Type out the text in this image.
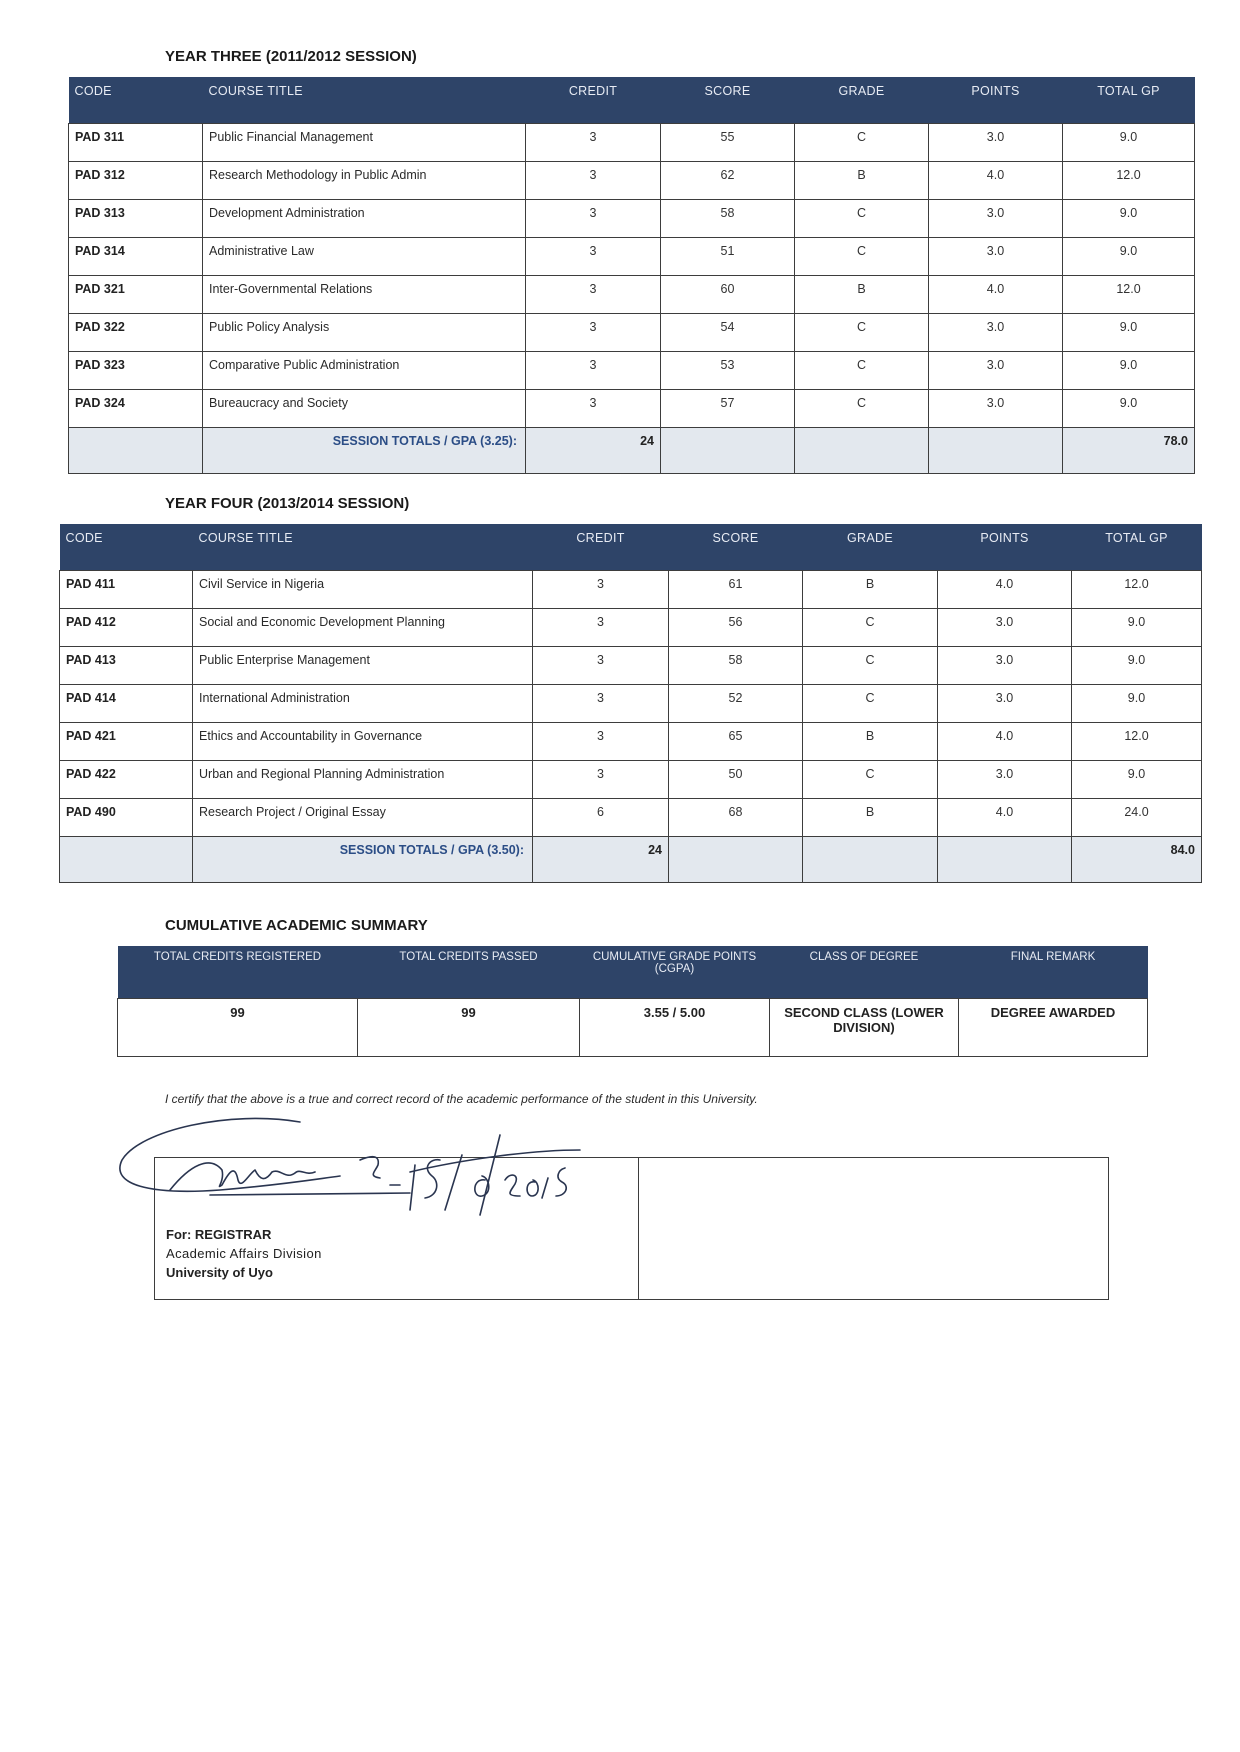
YEAR THREE (2011/2012 SESSION)
CODE	COURSE TITLE	CREDIT	SCORE	GRADE	POINTS	TOTAL GP
PAD 311	Public Financial Management	3	55	C	3.0	9.0
PAD 312	Research Methodology in Public Admin	3	62	B	4.0	12.0
PAD 313	Development Administration	3	58	C	3.0	9.0
PAD 314	Administrative Law	3	51	C	3.0	9.0
PAD 321	Inter-Governmental Relations	3	60	B	4.0	12.0
PAD 322	Public Policy Analysis	3	54	C	3.0	9.0
PAD 323	Comparative Public Administration	3	53	C	3.0	9.0
PAD 324	Bureaucracy and Society	3	57	C	3.0	9.0
	SESSION TOTALS / GPA (3.25):	24				78.0
YEAR FOUR (2013/2014 SESSION)
CODE	COURSE TITLE	CREDIT	SCORE	GRADE	POINTS	TOTAL GP
PAD 411	Civil Service in Nigeria	3	61	B	4.0	12.0
PAD 412	Social and Economic Development Planning	3	56	C	3.0	9.0
PAD 413	Public Enterprise Management	3	58	C	3.0	9.0
PAD 414	International Administration	3	52	C	3.0	9.0
PAD 421	Ethics and Accountability in Governance	3	65	B	4.0	12.0
PAD 422	Urban and Regional Planning Administration	3	50	C	3.0	9.0
PAD 490	Research Project / Original Essay	6	68	B	4.0	24.0
	SESSION TOTALS / GPA (3.50):	24				84.0
CUMULATIVE ACADEMIC SUMMARY
TOTAL CREDITS REGISTERED	TOTAL CREDITS PASSED	CUMULATIVE GRADE POINTS (CGPA)	CLASS OF DEGREE	FINAL REMARK
99	99	3.55 / 5.00	SECOND CLASS (LOWER DIVISION)	DEGREE AWARDED
I certify that the above is a true and correct record of the academic performance of the student in this University.
For: REGISTRAR
Academic Affairs Division
University of Uyo
